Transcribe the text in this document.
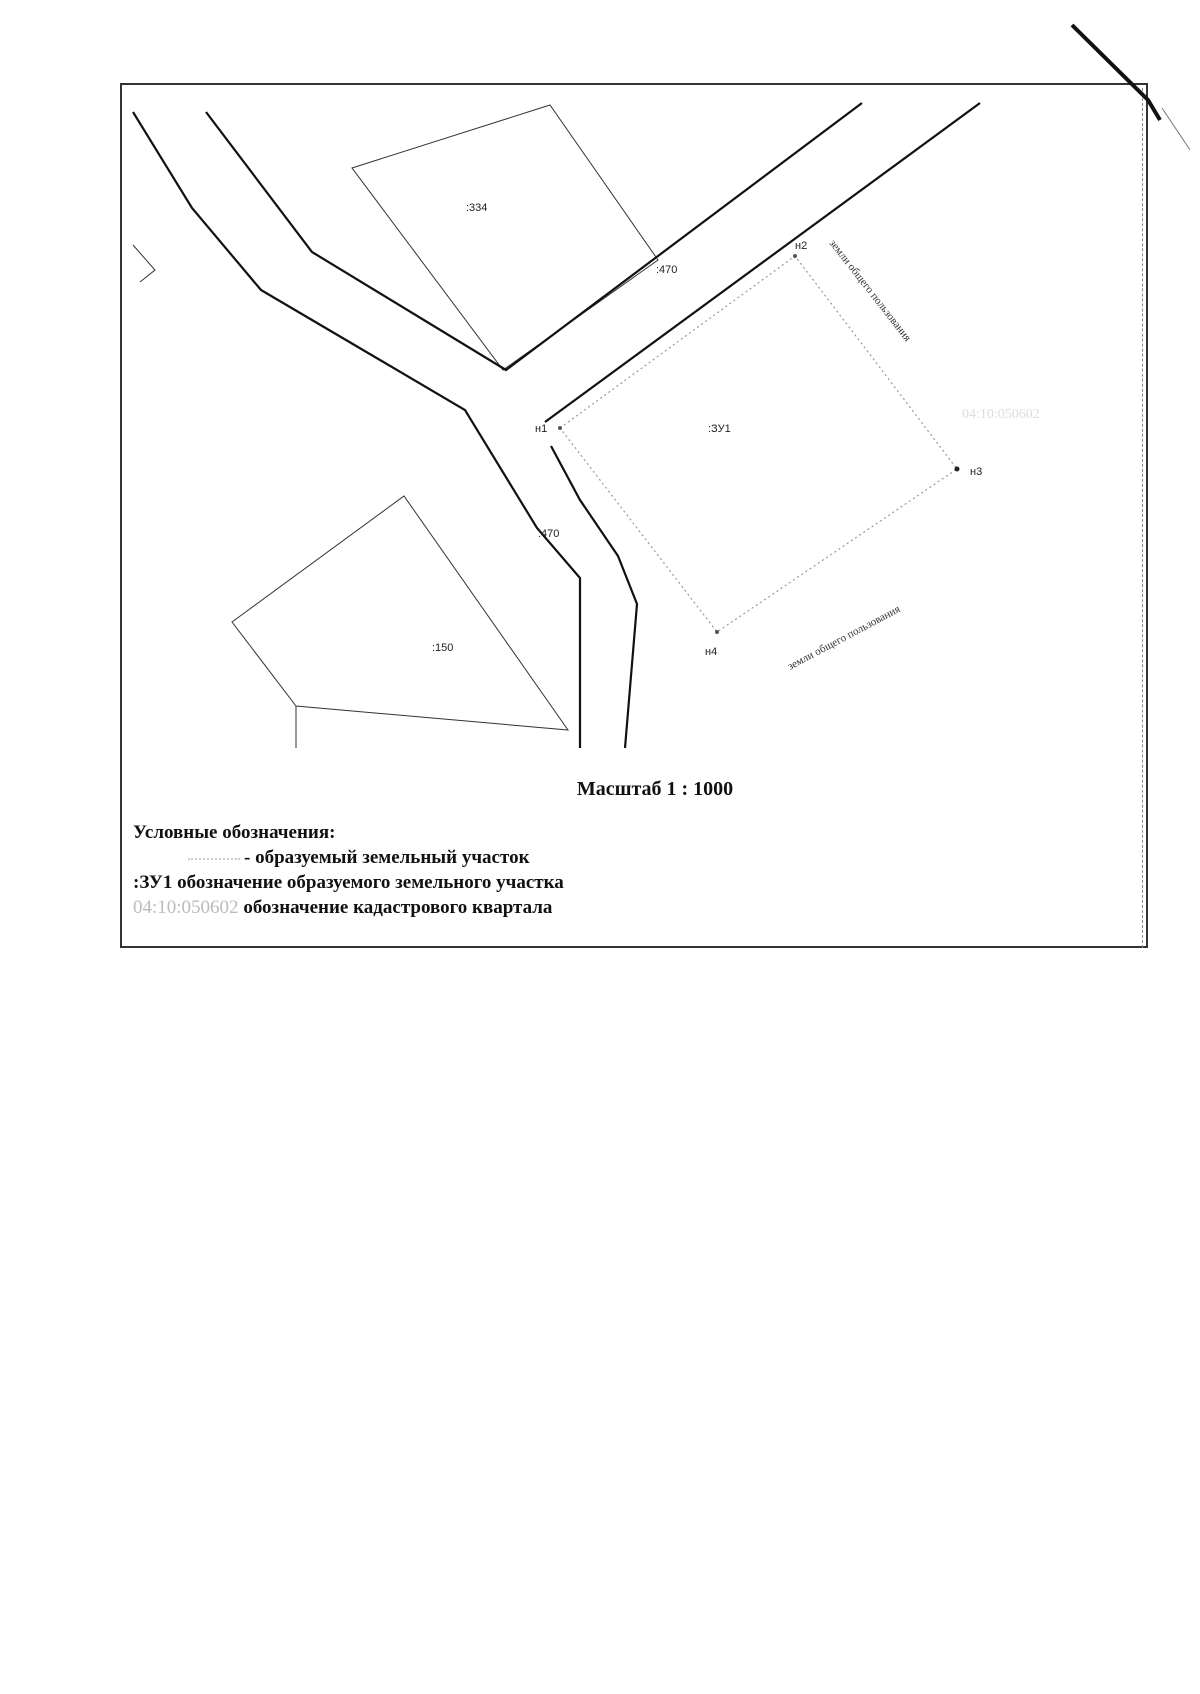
:334
:470
:470
:150
:ЗУ1
н1
н2
н3
н4
земли общего пользования
земли общего пользования
04:10:050602
Масштаб 1 : 1000
Условные обозначения:
- образуемый земельный участок
:ЗУ1 обозначение образуемого земельного участка
04:10:050602 обозначение кадастрового квартала
